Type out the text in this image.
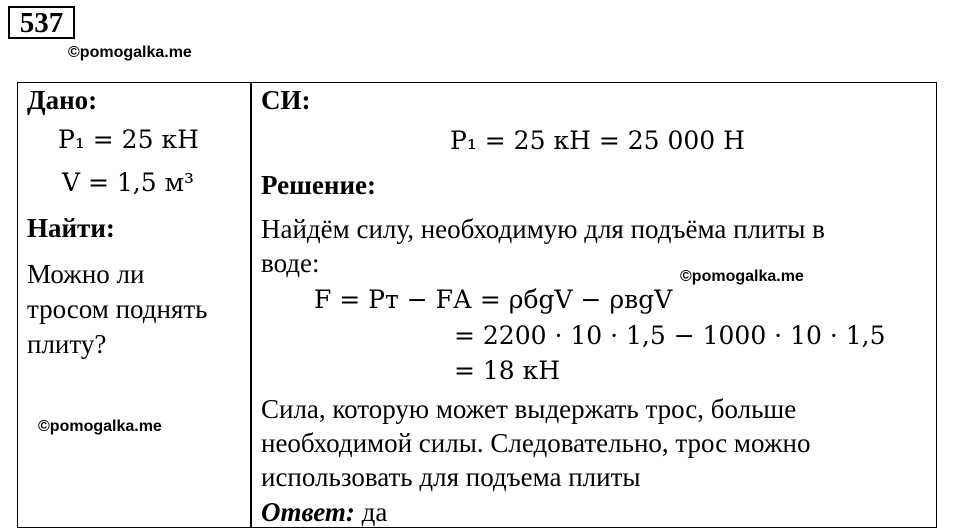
537
©pomogalka.me
Дано:
P₁ = 25 кН
V = 1,5 м³
Найти:
Можно ли
тросом поднять
плиту?
©pomogalka.me
СИ:
P₁ = 25 кН = 25 000 Н
Решение:
Найдём силу, необходимую для подъёма плиты в
воде:	©pomogalka.me
F = Pт − FА = ρбgV − ρвgV
= 2200 · 10 · 1,5 − 1000 · 10 · 1,5
= 18 кН
Сила, которую может выдержать трос, больше
необходимой силы. Следовательно, трос можно
использовать для подъема плиты
Ответ: да
